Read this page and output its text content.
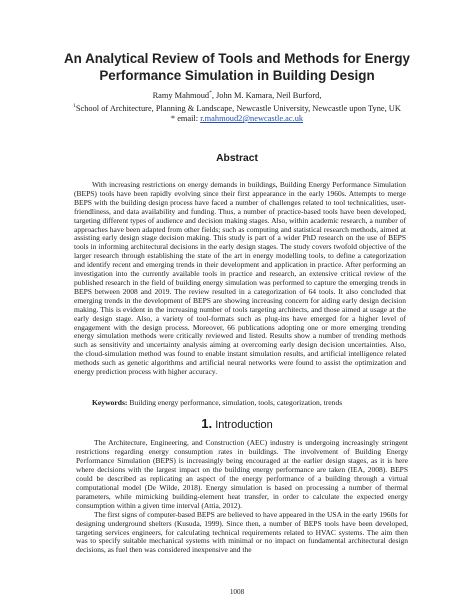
An Analytical Review of Tools and Methods for Energy Performance Simulation in Building Design
Ramy Mahmoud*, John M. Kamara, Neil Burford,
$^1$School of Architecture, Planning & Landscape, Newcastle University, Newcastle upon Tyne, UK
* email: r.mahmoud2@newcastle.ac.uk
Abstract
With increasing restrictions on energy demands in buildings, Building Energy Performance Simulation (BEPS) tools have been rapidly evolving since their first appearance in the early 1960s. Attempts to merge BEPS with the building design process have faced a number of challenges related to tool technicalities, user-friendliness, and data availability and funding. Thus, a number of practice-based tools have been developed, targeting different types of audience and decision making stages. Also, within academic research, a number of approaches have been adapted from other fields; such as computing and statistical research methods, aimed at assisting early design stage decision making. This study is part of a wider PhD research on the use of BEPS tools in informing architectural decisions in the early design stages. The study covers twofold objective of the larger research through establishing the state of the art in energy modelling tools, to define a categorization and identify recent and emerging trends in their development and application in practice. After performing an investigation into the currently available tools in practice and research, an extensive critical review of the published research in the field of building energy simulation was performed to capture the emerging trends in BEPS between 2008 and 2019. The review resulted in a categorization of 64 tools. It also concluded that emerging trends in the development of BEPS are showing increasing concern for aiding early design decision making. This is evident in the increasing number of tools targeting architects, and those aimed at usage at the early design stage. Also, a variety of tool-formats such as plug-ins have emerged for a higher level of engagement with the design process. Moreover, 66 publications adopting one or more emerging trending energy simulation methods were critically reviewed and listed. Results show a number of trending methods such as sensitivity and uncertainty analysis aiming at overcoming early design decision uncertainties. Also, the cloud-simulation method was found to enable instant simulation results, and artificial intelligence related methods such as genetic algorithms and artificial neural networks were found to assist the optimization and energy prediction process with higher accuracy.
Keywords: Building energy performance, simulation, tools, categorization, trends
1. Introduction

The Architecture, Engineering, and Construction (AEC) industry is undergoing increasingly stringent restrictions regarding energy consumption rates in buildings. The involvement of Building Energy Performance Simulation (BEPS) is increasingly being encouraged at the earlier design stages, as it is here where decisions with the largest impact on the building energy performance are taken (IEA, 2008). BEPS could be described as replicating an aspect of the energy performance of a building through a virtual computational model (De Wilde, 2018). Energy simulation is based on processing a number of thermal parameters, while mimicking building-element heat transfer, in order to calculate the expected energy consumption within a given time interval (Attia, 2012).

The first signs of computer-based BEPS are believed to have appeared in the USA in the early 1960s for designing underground shelters (Kusuda, 1999). Since then, a number of BEPS tools have been developed, targeting services engineers, for calculating technical requirements related to HVAC systems. The aim then was to specify suitable mechanical systems with minimal or no impact on fundamental architectural design decisions, as fuel then was considered inexpensive and the

1008
